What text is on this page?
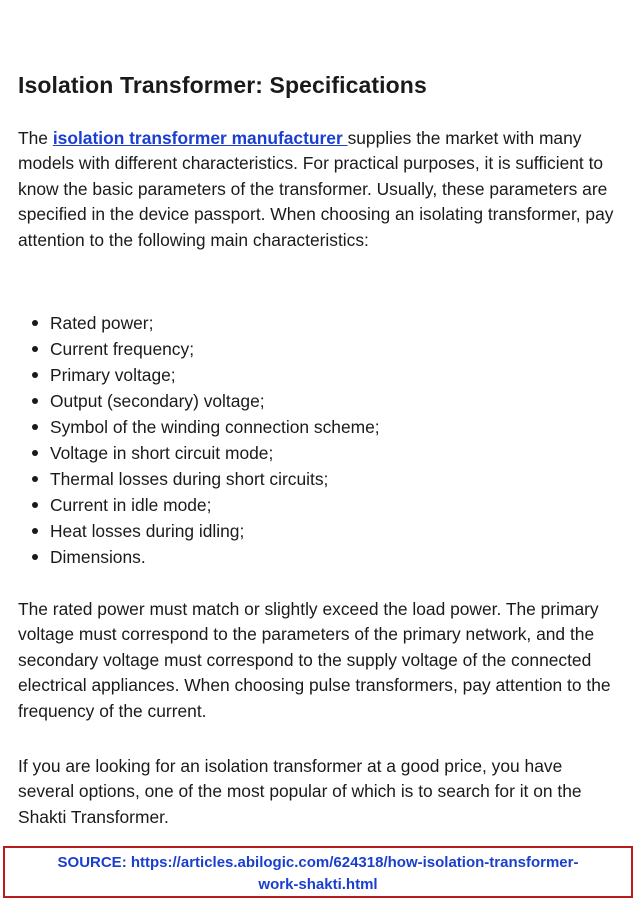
Isolation Transformer: Specifications

The isolation transformer manufacturer supplies the market with many models with different characteristics. For practical purposes, it is sufficient to know the basic parameters of the transformer. Usually, these parameters are specified in the device passport. When choosing an isolating transformer, pay attention to the following main characteristics:

Rated power;
Current frequency;
Primary voltage;
Output (secondary) voltage;
Symbol of the winding connection scheme;
Voltage in short circuit mode;
Thermal losses during short circuits;
Current in idle mode;
Heat losses during idling;
Dimensions.

The rated power must match or slightly exceed the load power. The primary voltage must correspond to the parameters of the primary network, and the secondary voltage must correspond to the supply voltage of the connected electrical appliances. When choosing pulse transformers, pay attention to the frequency of the current.

If you are looking for an isolation transformer at a good price, you have several options, one of the most popular of which is to search for it on the Shakti Transformer.

SOURCE: https://articles.abilogic.com/624318/how-isolation-transformer-
work-shakti.html
